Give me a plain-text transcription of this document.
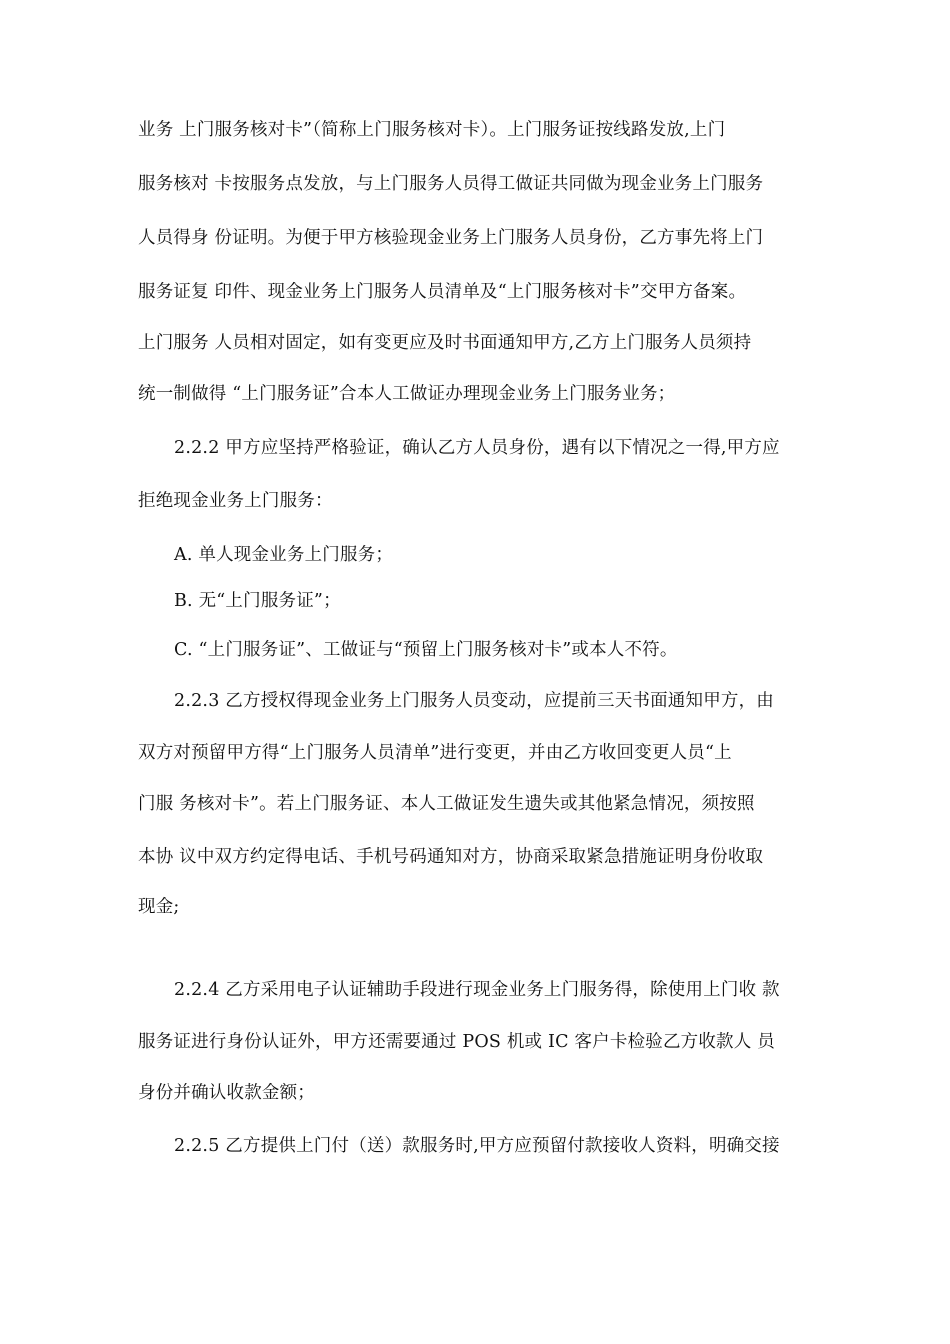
业务 上门服务核对卡”（简称上门服务核对卡）。上门服务证按线路发放,上门
服务核对 卡按服务点发放，与上门服务人员得工做证共同做为现金业务上门服务
人员得身 份证明。为便于甲方核验现金业务上门服务人员身份，乙方事先将上门
服务证复 印件、现金业务上门服务人员清单及“上门服务核对卡”交甲方备案。
上门服务 人员相对固定，如有变更应及时书面通知甲方,乙方上门服务人员须持
统一制做得 “上门服务证”合本人工做证办理现金业务上门服务业务；
2.2.2 甲方应坚持严格验证，确认乙方人员身份，遇有以下情况之一得,甲方应
拒绝现金业务上门服务：
A. 单人现金业务上门服务；
B. 无“上门服务证”；
C. “上门服务证”、工做证与“预留上门服务核对卡”或本人不符。
2.2.3 乙方授权得现金业务上门服务人员变动，应提前三天书面通知甲方，由
双方对预留甲方得“上门服务人员清单”进行变更，并由乙方收回变更人员“上
门服 务核对卡”。若上门服务证、本人工做证发生遗失或其他紧急情况，须按照
本协 议中双方约定得电话、手机号码通知对方，协商采取紧急措施证明身份收取
现金;
2.2.4 乙方采用电子认证辅助手段进行现金业务上门服务得，除使用上门收 款
服务证进行身份认证外，甲方还需要通过 POS 机或 IC 客户卡检验乙方收款人 员
身份并确认收款金额；
2.2.5 乙方提供上门付（送）款服务时,甲方应预留付款接收人资料，明确交接
